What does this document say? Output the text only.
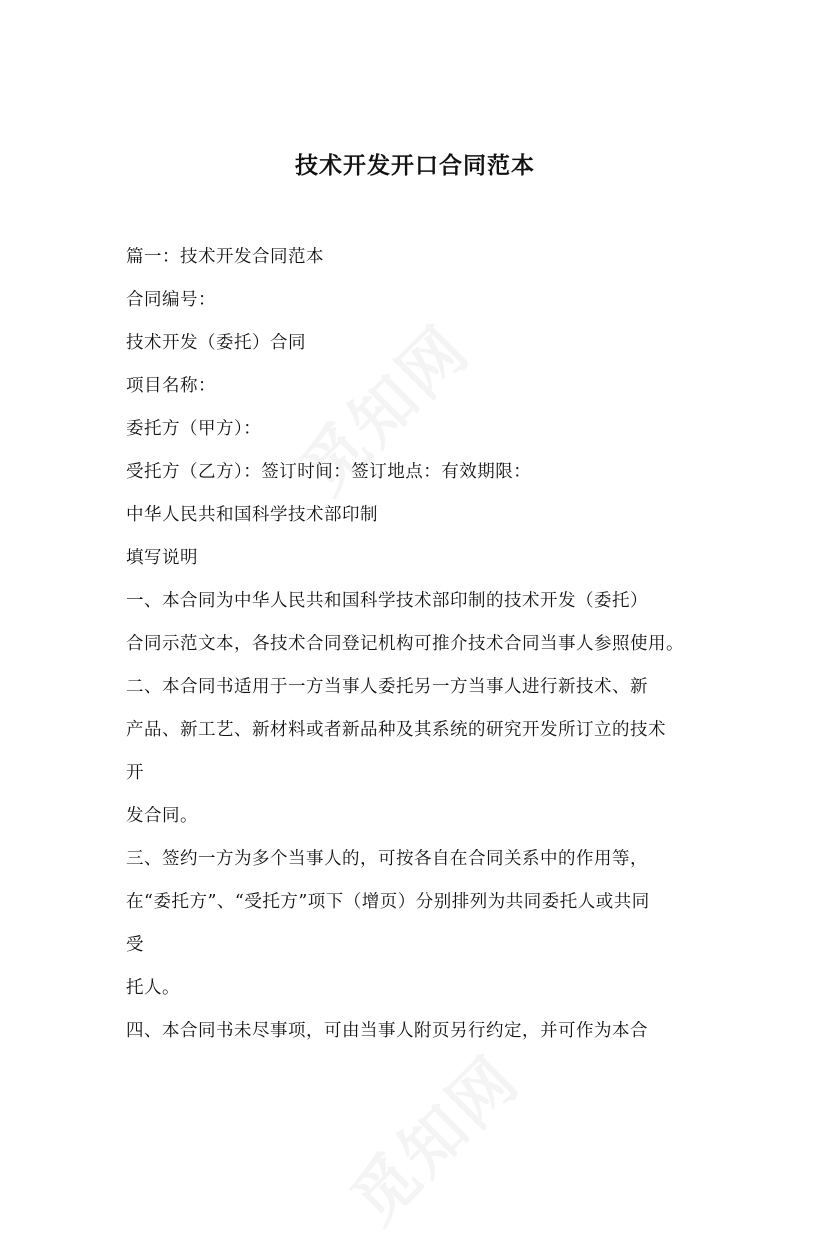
技术开发开口合同范本
篇一：技术开发合同范本
合同编号：
技术开发（委托）合同
项目名称：
委托方（甲方）：
受托方（乙方）：签订时间：签订地点：有效期限：
中华人民共和国科学技术部印制
填写说明
一、本合同为中华人民共和国科学技术部印制的技术开发（委托）
合同示范文本，各技术合同登记机构可推介技术合同当事人参照使用。
二、本合同书适用于一方当事人委托另一方当事人进行新技术、新
产品、新工艺、新材料或者新品种及其系统的研究开发所订立的技术
开
发合同。
三、签约一方为多个当事人的，可按各自在合同关系中的作用等，
在“委托方”、“受托方”项下（增页）分别排列为共同委托人或共同
受
托人。
四、本合同书未尽事项，可由当事人附页另行约定，并可作为本合
